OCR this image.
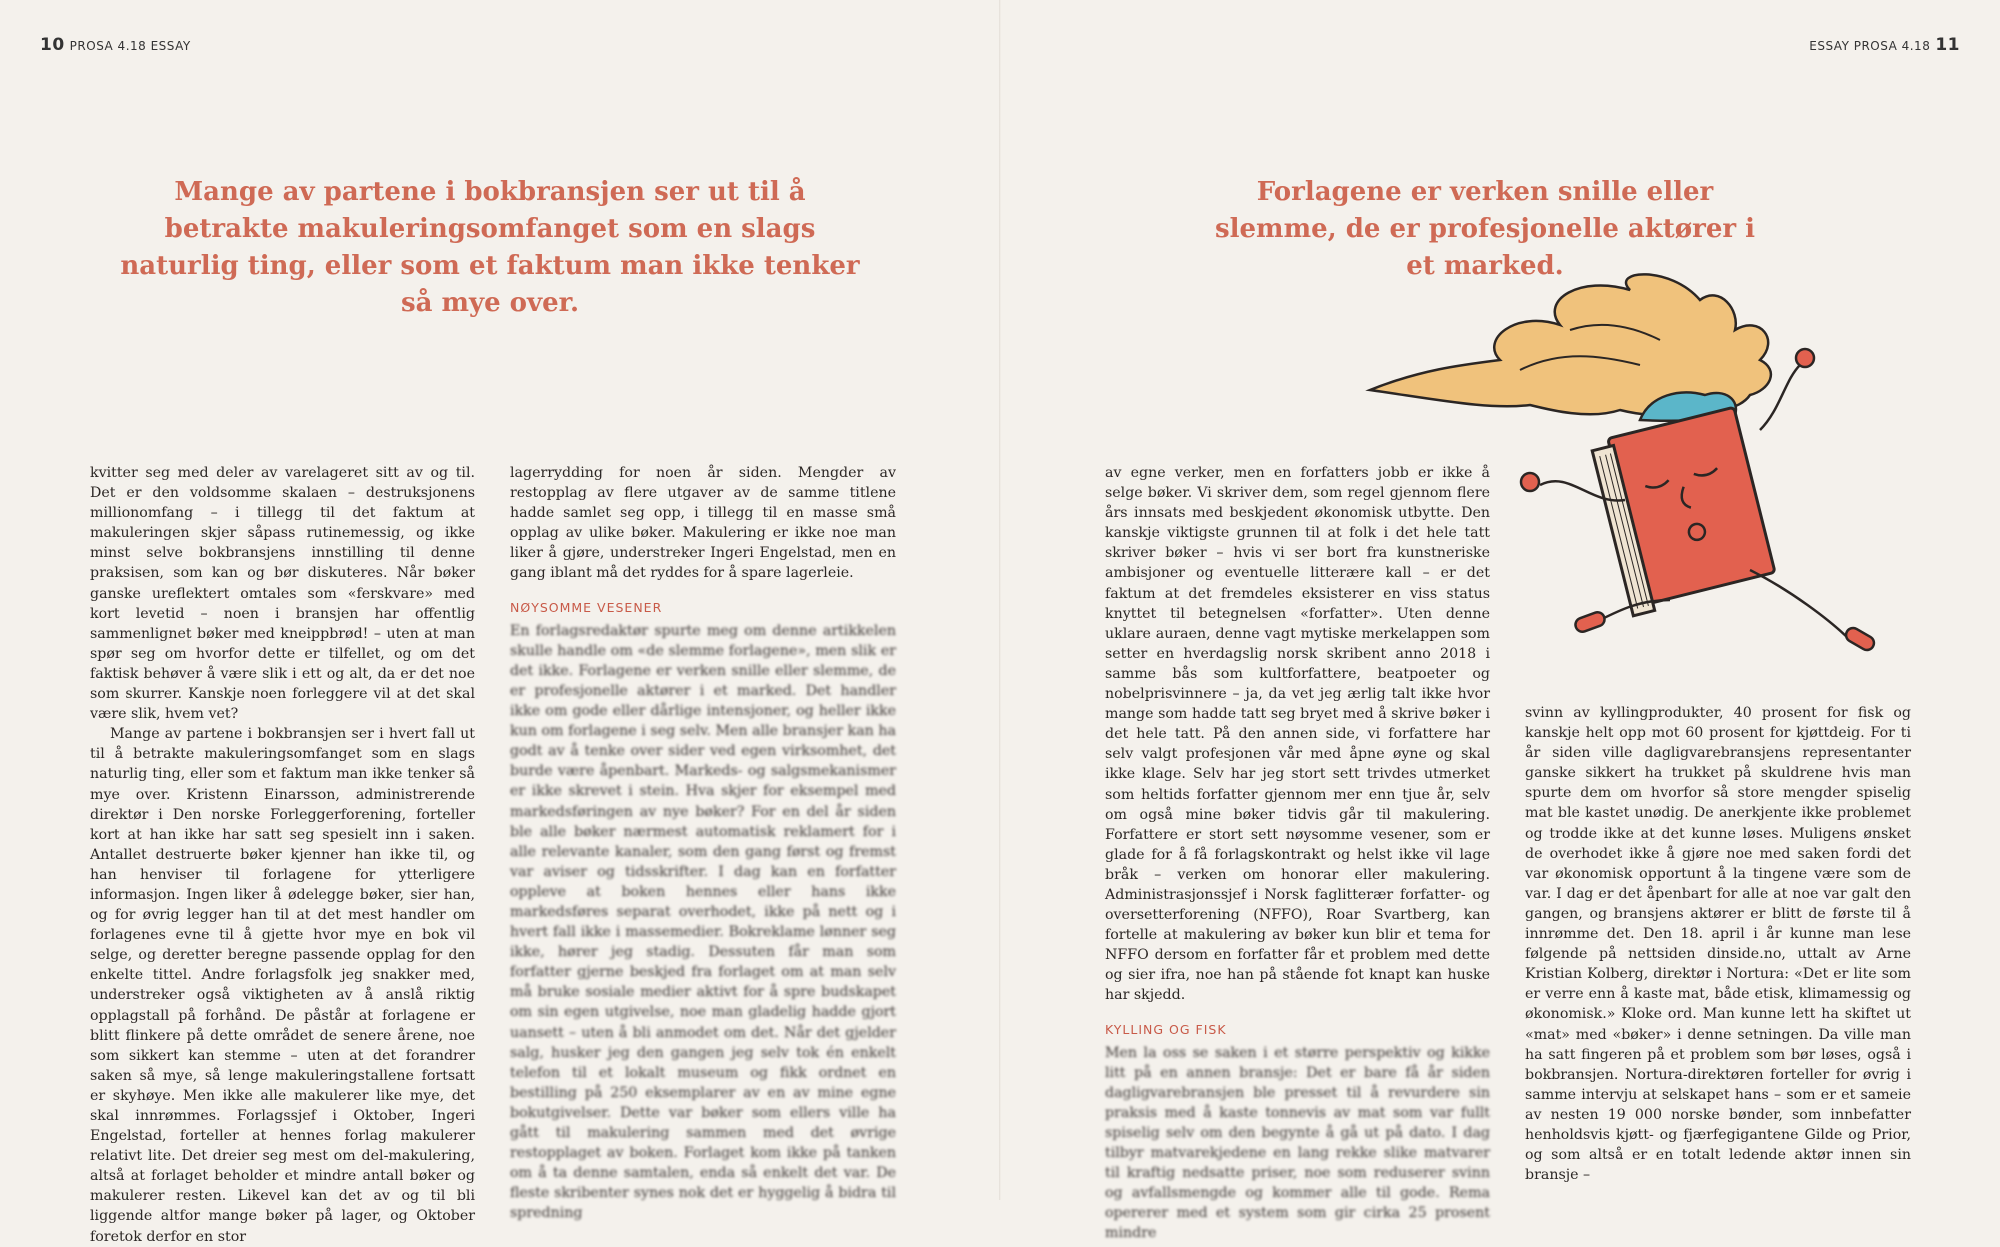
10 PROSA 4.18 ESSAY
Mange av partene i bokbransjen ser ut til å betrakte makuleringsomfanget som en slags naturlig ting, eller som et faktum man ikke tenker så mye over.

kvitter seg med deler av varelageret sitt av og til. Det er den voldsomme skalaen – destruksjonens millionomfang – i tillegg til det faktum at makuleringen skjer såpass rutinemessig, og ikke minst selve bokbransjens innstilling til denne praksisen, som kan og bør diskuteres. Når bøker ganske ureflektert omtales som «ferskvare» med kort levetid – noen i bransjen har offentlig sammenlignet bøker med kneippbrød! – uten at man spør seg om hvorfor dette er tilfellet, og om det faktisk behøver å være slik i ett og alt, da er det noe som skurrer. Kanskje noen forleggere vil at det skal være slik, hvem vet?

Mange av partene i bokbransjen ser i hvert fall ut til å betrakte makuleringsomfanget som en slags naturlig ting, eller som et faktum man ikke tenker så mye over. Kristenn Einarsson, administrerende direktør i Den norske Forleggerforening, forteller kort at han ikke har satt seg spesielt inn i saken. Antallet destruerte bøker kjenner han ikke til, og han henviser til forlagene for ytterligere informasjon. Ingen liker å ødelegge bøker, sier han, og for øvrig legger han til at det mest handler om forlagenes evne til å gjette hvor mye en bok vil selge, og deretter beregne passende opplag for den enkelte tittel. Andre forlagsfolk jeg snakker med, understreker også viktigheten av å anslå riktig opplagstall på forhånd. De påstår at forlagene er blitt flinkere på dette området de senere årene, noe som sikkert kan stemme – uten at det forandrer saken så mye, så lenge makuleringstallene fortsatt er skyhøye. Men ikke alle makulerer like mye, det skal innrømmes. Forlagssjef i Oktober, Ingeri Engelstad, forteller at hennes forlag makulerer relativt lite. Det dreier seg mest om del-makulering, altså at forlaget beholder et mindre antall bøker og makulerer resten. Likevel kan det av og til bli liggende altfor mange bøker på lager, og Oktober foretok derfor en stor

lagerrydding for noen år siden. Mengder av restopplag av flere utgaver av de samme titlene hadde samlet seg opp, i tillegg til en masse små opplag av ulike bøker. Makulering er ikke noe man liker å gjøre, understreker Ingeri Engelstad, men en gang iblant må det ryddes for å spare lagerleie.

NØYSOMME VESENER

En forlagsredaktør spurte meg om denne artikkelen skulle handle om «de slemme forlagene», men slik er det ikke. Forlagene er verken snille eller slemme, de er profesjonelle aktører i et marked. Det handler ikke om gode eller dårlige intensjoner, og heller ikke kun om forlagene i seg selv. Men alle bransjer kan ha godt av å tenke over sider ved egen virksomhet, det burde være åpenbart. Markeds- og salgsmekanismer er ikke skrevet i stein. Hva skjer for eksempel med markedsføringen av nye bøker? For en del år siden ble alle bøker nærmest automatisk reklamert for i alle relevante kanaler, som den gang først og fremst var aviser og tidsskrifter. I dag kan en forfatter oppleve at boken hennes eller hans ikke markedsføres separat overhodet, ikke på nett og i hvert fall ikke i massemedier. Bokreklame lønner seg ikke, hører jeg stadig. Dessuten får man som forfatter gjerne beskjed fra forlaget om at man selv må bruke sosiale medier aktivt for å spre budskapet om sin egen utgivelse, noe man gladelig hadde gjort uansett – uten å bli anmodet om det. Når det gjelder salg, husker jeg den gangen jeg selv tok én enkelt telefon til et lokalt museum og fikk ordnet en bestilling på 250 eksemplarer av en av mine egne bokutgivelser. Dette var bøker som ellers ville ha gått til makulering sammen med det øvrige restopplaget av boken. Forlaget kom ikke på tanken om å ta denne samtalen, enda så enkelt det var. De fleste skribenter synes nok det er hyggelig å bidra til spredning

ESSAY PROSA 4.18 11
Forlagene er verken snille eller slemme, de er profesjonelle aktører i et marked.

av egne verker, men en forfatters jobb er ikke å selge bøker. Vi skriver dem, som regel gjennom flere års innsats med beskjedent økonomisk utbytte. Den kanskje viktigste grunnen til at folk i det hele tatt skriver bøker – hvis vi ser bort fra kunstneriske ambisjoner og eventuelle litterære kall – er det faktum at det fremdeles eksisterer en viss status knyttet til betegnelsen «forfatter». Uten denne uklare auraen, denne vagt mytiske merkelappen som setter en hverdagslig norsk skribent anno 2018 i samme bås som kultforfattere, beatpoeter og nobelprisvinnere – ja, da vet jeg ærlig talt ikke hvor mange som hadde tatt seg bryet med å skrive bøker i det hele tatt. På den annen side, vi forfattere har selv valgt profesjonen vår med åpne øyne og skal ikke klage. Selv har jeg stort sett trivdes utmerket som heltids forfatter gjennom mer enn tjue år, selv om også mine bøker tidvis går til makulering. Forfattere er stort sett nøysomme vesener, som er glade for å få forlagskontrakt og helst ikke vil lage bråk – verken om honorar eller makulering. Administrasjonssjef i Norsk faglitterær forfatter- og oversetterforening (NFFO), Roar Svartberg, kan fortelle at makulering av bøker kun blir et tema for NFFO dersom en forfatter får et problem med dette og sier ifra, noe han på stående fot knapt kan huske har skjedd.

KYLLING OG FISK

Men la oss se saken i et større perspektiv og kikke litt på en annen bransje: Det er bare få år siden dagligvarebransjen ble presset til å revurdere sin praksis med å kaste tonnevis av mat som var fullt spiselig selv om den begynte å gå ut på dato. I dag tilbyr matvarekjedene en lang rekke slike matvarer til kraftig nedsatte priser, noe som reduserer svinn og avfallsmengde og kommer alle til gode. Rema opererer med et system som gir cirka 25 prosent mindre

svinn av kyllingprodukter, 40 prosent for fisk og kanskje helt opp mot 60 prosent for kjøttdeig. For ti år siden ville dagligvarebransjens representanter ganske sikkert ha trukket på skuldrene hvis man spurte dem om hvorfor så store mengder spiselig mat ble kastet unødig. De anerkjente ikke problemet og trodde ikke at det kunne løses. Muligens ønsket de overhodet ikke å gjøre noe med saken fordi det var økonomisk opportunt å la tingene være som de var. I dag er det åpenbart for alle at noe var galt den gangen, og bransjens aktører er blitt de første til å innrømme det. Den 18. april i år kunne man lese følgende på nettsiden dinside.no, uttalt av Arne Kristian Kolberg, direktør i Nortura: «Det er lite som er verre enn å kaste mat, både etisk, klimamessig og økonomisk.» Kloke ord. Man kunne lett ha skiftet ut «mat» med «bøker» i denne setningen. Da ville man ha satt fingeren på et problem som bør løses, også i bokbransjen. Nortura-direktøren forteller for øvrig i samme intervju at selskapet hans – som er et sameie av nesten 19 000 norske bønder, som innbefatter henholdsvis kjøtt- og fjærfegigantene Gilde og Prior, og som altså er en totalt ledende aktør innen sin bransje –
